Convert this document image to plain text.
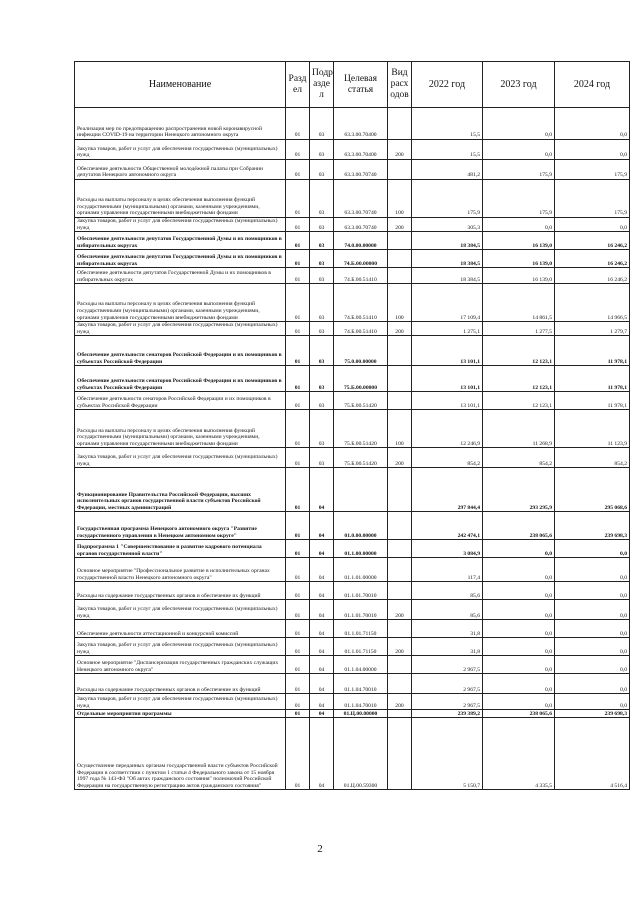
Наименование	Разд ел	Подр азде л	Целевая статья	Вид расх одов	2022 год	2023 год	2024 год
Реализация мер по предотвращению распространения новой коронавирусной инфекции COVID-19 на территории Ненецкого автономного округа	01	03	63.3.00.70400		15,5	0,0	0,0
Закупка товаров, работ и услуг для обеспечения государственных (муниципальных) нужд	01	03	63.3.00.70400	200	15,5	0,0	0,0
Обеспечение деятельности Общественной молодёжной палаты при Собрании депутатов Ненецкого автономного округа	01	03	63.3.00.70740		481,2	175,9	175,9
Расходы на выплаты персоналу в целях обеспечения выполнения функций государственными (муниципальными) органами, казенными учреждениями, органами управления государственными внебюджетными фондами	01	03	63.3.00.70740	100	175,9	175,9	175,9
Закупка товаров, работ и услуг для обеспечения государственных (муниципальных) нужд	01	03	63.3.00.70740	200	305,3	0,0	0,0
Обеспечение деятельности депутатов Государственной Думы и их помощников в избирательных округах	01	03	74.0.00.00000		18 384,5	16 139,0	16 246,2
Обеспечение деятельности депутатов Государственной Думы и их помощников в избирательных округах	01	03	74.Б.00.00000		18 384,5	16 139,0	16 246,2
Обеспечение деятельности депутатов Государственной Думы и их помощников в избирательных округах	01	03	74.Б.00.51410		18 384,5	16 139,0	16 246,2
Расходы на выплаты персоналу в целях обеспечения выполнения функций государственными (муниципальными) органами, казенными учреждениями, органами управления государственными внебюджетными фондами	01	03	74.Б.00.51410	100	17 109,4	14 861,5	14 966,5
Закупка товаров, работ и услуг для обеспечения государственных (муниципальных) нужд	01	03	74.Б.00.51410	200	1 275,1	1 277,5	1 279,7
Обеспечение деятельности сенаторов Российской Федерации и их помощников в субъектах Российской Федерации	01	03	75.0.00.00000		13 101,1	12 123,1	11 978,1
Обеспечение деятельности сенаторов Российской Федерации и их помощников в субъектах Российской Федерации	01	03	75.Б.00.00000		13 101,1	12 123,1	11 978,1
Обеспечение деятельности сенаторов Российской Федерации и их помощников в субъектах Российской Федерации	01	03	75.Б.00.51420		13 101,1	12 123,1	11 978,1
Расходы на выплаты персоналу в целях обеспечения выполнения функций государственными (муниципальными) органами, казенными учреждениями, органами управления государственными внебюджетными фондами	01	03	75.Б.00.51420	100	12 246,9	11 268,9	11 123,9
Закупка товаров, работ и услуг для обеспечения государственных (муниципальных) нужд	01	03	75.Б.00.51420	200	854,2	854,2	854,2
Функционирование Правительства Российской Федерации, высших исполнительных органов государственной власти субъектов Российской Федерации, местных администраций	01	04			297 844,4	293 295,9	295 068,6
Государственная программа Ненецкого автономного округа "Развитие государственного управления в Ненецком автономном округе"	01	04	01.0.00.00000		242 474,1	238 065,6	239 698,3
Подпрограмма 1 "Совершенствование и развитие кадрового потенциала органов государственной власти"	01	04	01.1.00.00000		3 084,9	0,0	0,0
Основное мероприятие "Профессиональное развитие в исполнительных органах государственной власти Ненецкого автономного округа"	01	04	01.1.01.00000		117,4	0,0	0,0
Расходы на содержание государственных органов и обеспечение их функций	01	04	01.1.01.70010		85,6	0,0	0,0
Закупка товаров, работ и услуг для обеспечения государственных (муниципальных) нужд	01	04	01.1.01.70010	200	85,6	0,0	0,0
Обеспечение деятельности аттестационной и конкурсной комиссий	01	04	01.1.01.71150		31,8	0,0	0,0
Закупка товаров, работ и услуг для обеспечения государственных (муниципальных) нужд	01	04	01.1.01.71150	200	31,8	0,0	0,0
Основное мероприятие "Диспансеризация государственных гражданских служащих Ненецкого автономного округа"	01	04	01.1.04.00000		2 967,5	0,0	0,0
Расходы на содержание государственных органов и обеспечение их функций	01	04	01.1.04.70010		2 967,5	0,0	0,0
Закупка товаров, работ и услуг для обеспечения государственных (муниципальных) нужд	01	04	01.1.04.70010	200	2 967,5	0,0	0,0
Отдельные мероприятия программы	01	04	01.Ц.00.00000		239 389,2	238 065,6	239 698,3
Осуществление переданных органам государственной власти субъектов Российской Федерации в соответствии с пунктом 1 статьи 4 Федерального закона от 15 ноября 1997 года № 143-ФЗ "Об актах гражданского состояния" полномочий Российской Федерации на государственную регистрацию актов гражданского состояния"	01	04	01.Ц.00.59300		5 150,7	4 335,5	4 516,4
2
